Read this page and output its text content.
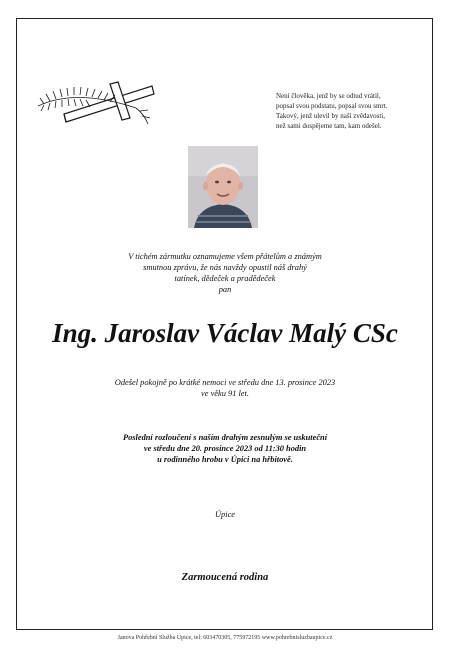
Není člověka, jenž by se odtud vrátil,
popsal svou podstatu, popsal svou smrt.
Takový, jenž ulevil by naší zvědavosti,
než sami dospějeme tam, kam odešel.
V tichém zármutku oznamujeme všem přátelům a známým
smutnou zprávu, že nás navždy opustil náš drahý
tatínek, dědeček a pradědeček
pan
Ing. Jaroslav Václav Malý CSc
Odešel pokojně po krátké nemoci ve středu dne 13. prosince 2023
ve věku 91 let.
Poslední rozloučení s naším drahým zesnulým se uskuteční
ve středu dne 20. prosince 2023 od 11:30 hodin
u rodinného hrobu v Úpici na hřbitově.
Úpice
Zarmoucená rodina
Janova Pohřební Služba Úpice, tel: 603470305, 775972195 www.pohrebnisluzbaupice.cz
